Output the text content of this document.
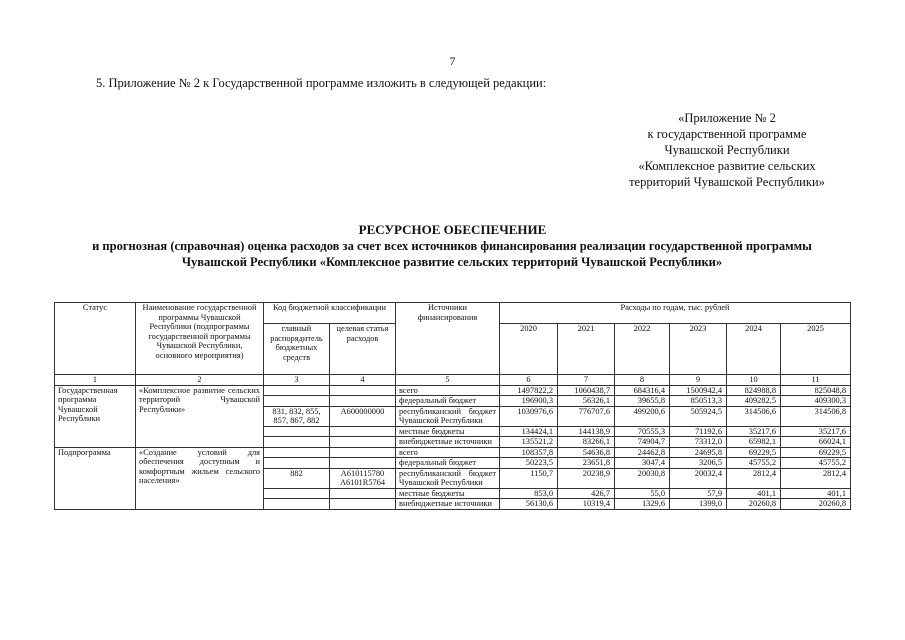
7
5. Приложение № 2 к Государственной программе изложить в следующей редакции:
«Приложение № 2
к государственной программе
Чувашской Республики
«Комплексное развитие сельских
территорий Чувашской Республики»
РЕСУРСНОЕ ОБЕСПЕЧЕНИЕ
и прогнозная (справочная) оценка расходов за счет всех источников финансирования реализации государственной программы Чувашской Республики «Комплексное развитие сельских территорий Чувашской Республики»
Статус	Наименование государственной программы Чувашской Республики (подпрограммы государственной программы Чувашской Республики, основного мероприятия)	Код бюджетной классификации		Источники финансирования	Расходы по годам, тыс. рублей					
		главный распорядитель бюджетных средств	целевая статья расходов		2020	2021	2022	2023	2024	2025
1	2	3	4	5	6	7	8	9	10	11
Государственная программа Чувашской Республики	«Комплексное развитие сельских территорий Чувашской Республики»			всего	1497822,2	1060438,7	684316,4	1500942,4	824988,8	825048,8
				федеральный бюджет	196900,3	56326,1	39655,8	850513,3	409282,5	409300,3
		831, 832, 855, 857, 867, 882	А600000000	республиканский бюджет Чувашской Республики	1030976,6	776707,6	499200,6	505924,5	314506,6	314506,8
				местные бюджеты	134424,1	144138,9	70555,3	71192,6	35217,6	35217,6
				внебюджетные источники	135521,2	83266,1	74904,7	73312,0	65982,1	66024,1
Подпрограмма	«Создание условий для обеспечения доступным и комфортным жильем сельского населения»			всего	108357,8	54636,8	24462,8	24695,8	69229,5	69229,5
				федеральный бюджет	50223,5	23651,8	3047,4	3206,5	45755,2	45755,2
		882	А610115780 А6101R5764	республиканский бюджет Чувашской Республики	1150,7	20238,9	20030,8	20032,4	2812,4	2812,4
				местные бюджеты	853,0	426,7	55,0	57,9	401,1	401,1
				внебюджетные источники	56130,6	10319,4	1329,6	1399,0	20260,8	20260,8
